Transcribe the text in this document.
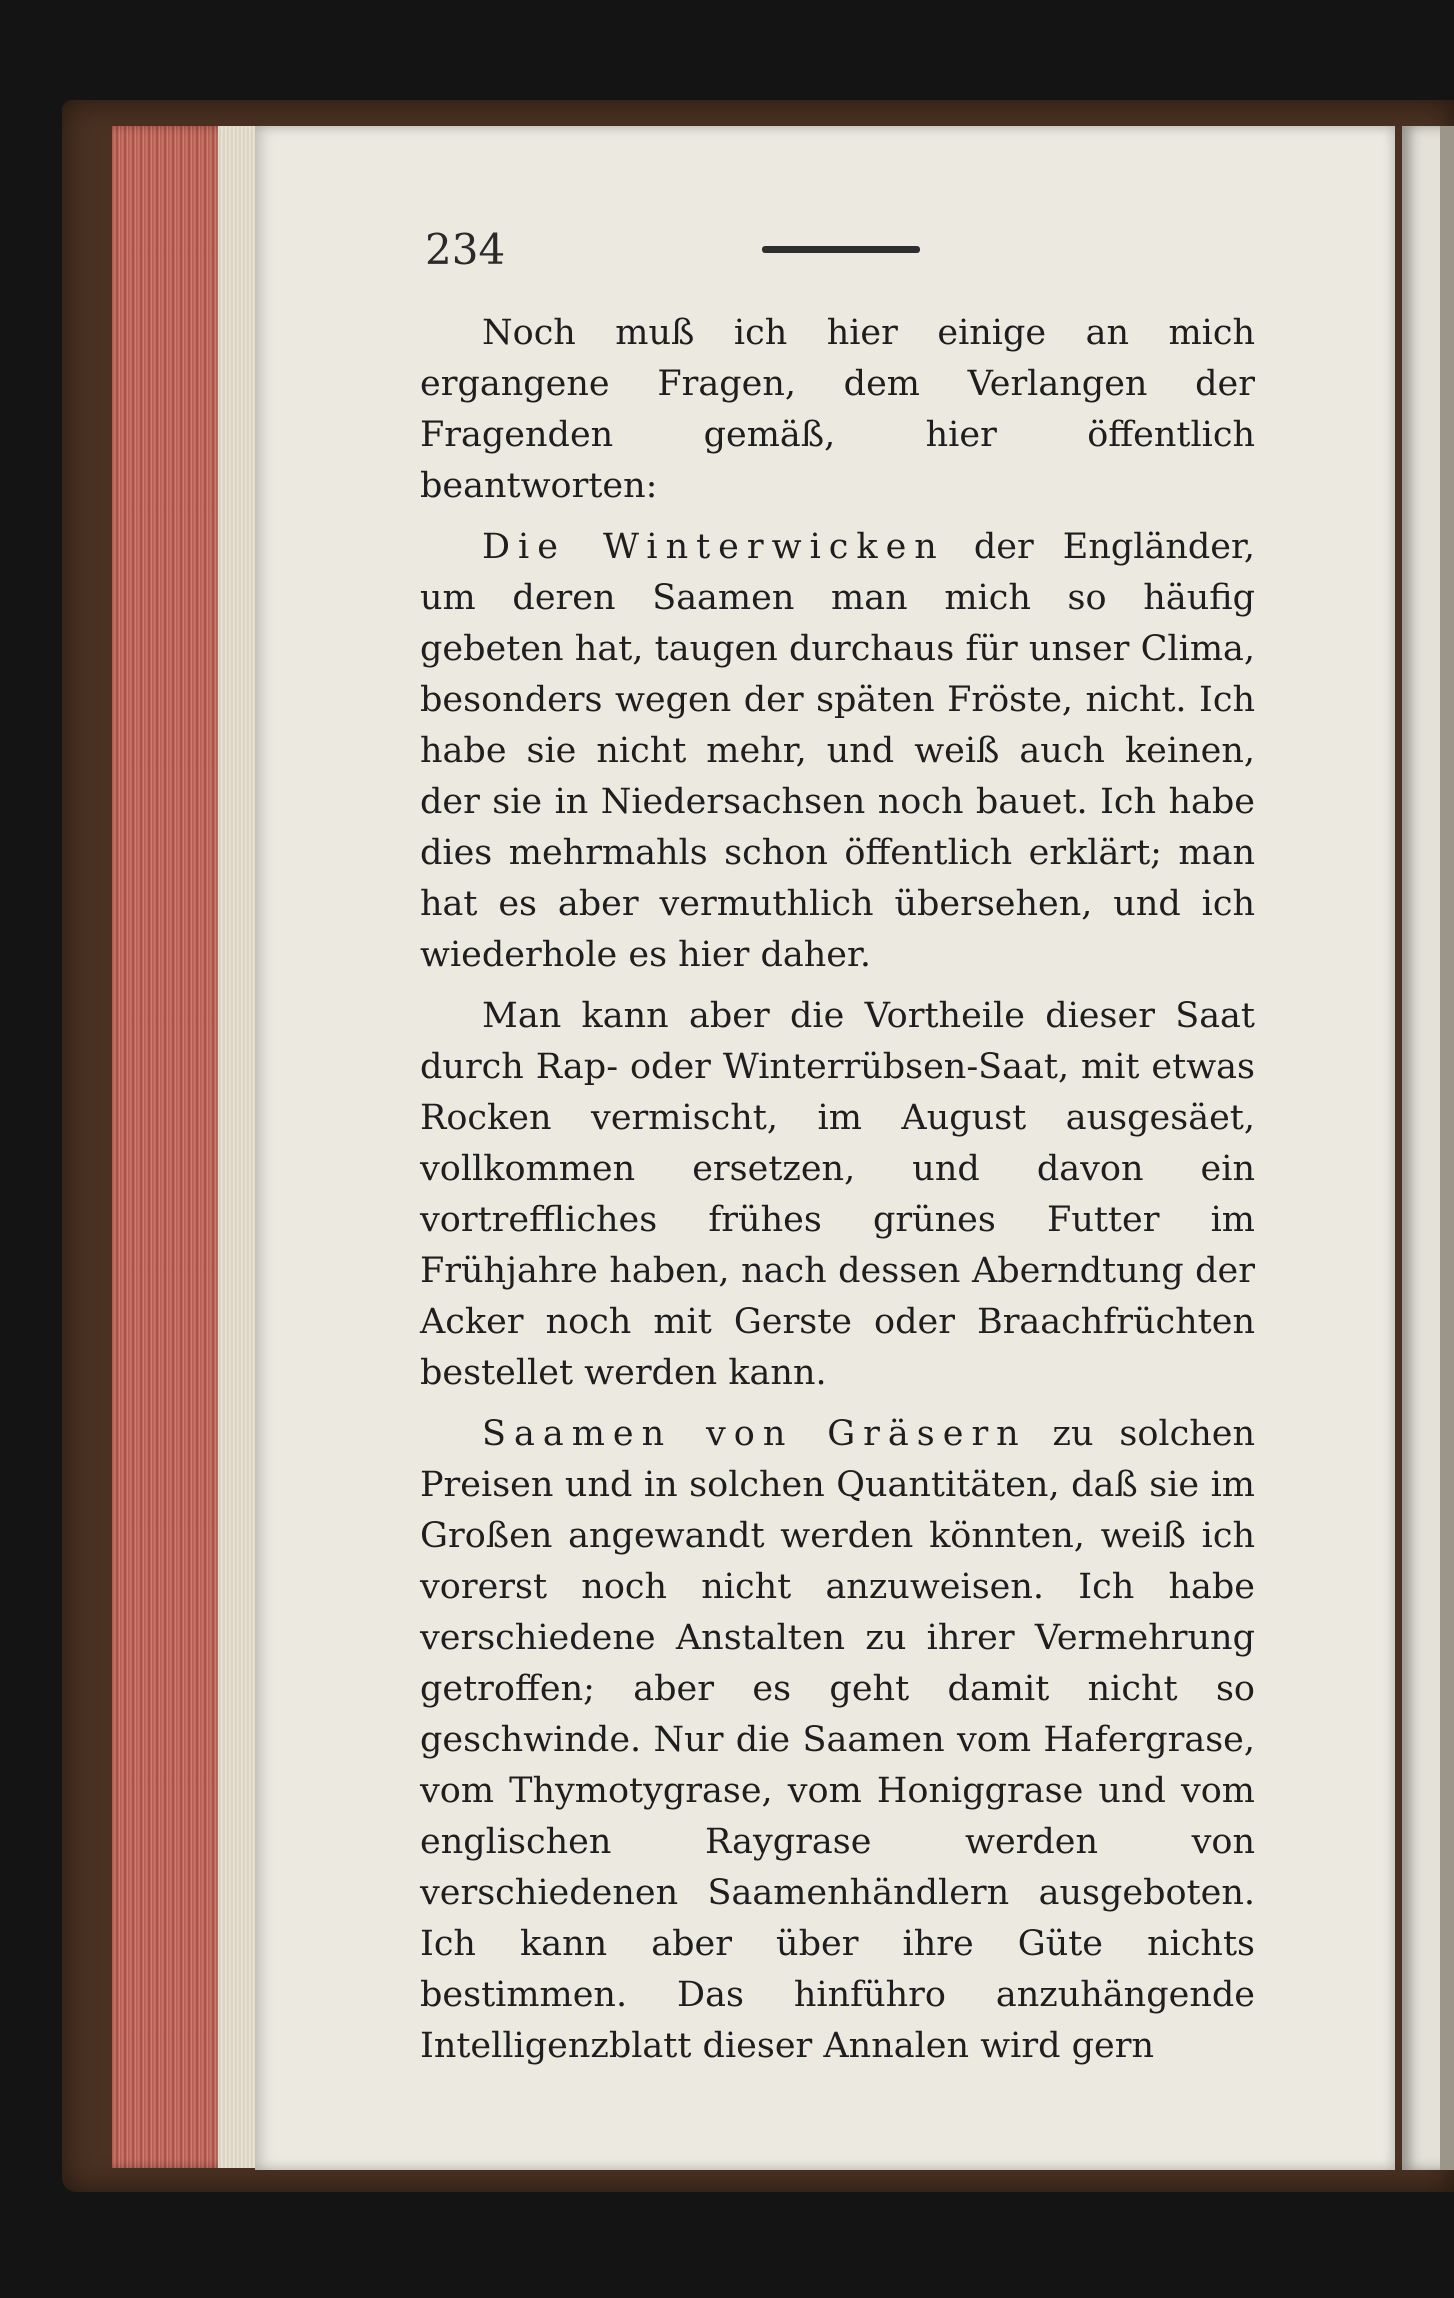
234

Noch muß ich hier einige an mich ergangene Fragen, dem Verlangen der Fragenden gemäß, hier öffentlich beantworten:

Die Winterwicken der Engländer, um deren Saamen man mich so häufig gebeten hat, taugen durchaus für unser Clima, besonders wegen der späten Fröste, nicht. Ich habe sie nicht mehr, und weiß auch keinen, der sie in Niedersachsen noch bauet. Ich habe dies mehrmahls schon öffentlich erklärt; man hat es aber vermuthlich übersehen, und ich wiederhole es hier daher.

Man kann aber die Vortheile dieser Saat durch Rap- oder Winterrübsen-Saat, mit etwas Rocken vermischt, im August ausgesäet, vollkommen ersetzen, und davon ein vortreffliches frühes grünes Futter im Frühjahre haben, nach dessen Aberndtung der Acker noch mit Gerste oder Braachfrüchten bestellet werden kann.

Saamen von Gräsern zu solchen Preisen und in solchen Quantitäten, daß sie im Großen angewandt werden könnten, weiß ich vorerst noch nicht anzuweisen. Ich habe verschiedene Anstalten zu ihrer Vermehrung getroffen; aber es geht damit nicht so geschwinde. Nur die Saamen vom Hafergrase, vom Thymotygrase, vom Honiggrase und vom englischen Raygrase werden von verschiedenen Saamenhändlern ausgeboten. Ich kann aber über ihre Güte nichts bestimmen. Das hinführo anzuhängende Intelligenzblatt dieser Annalen wird gern
